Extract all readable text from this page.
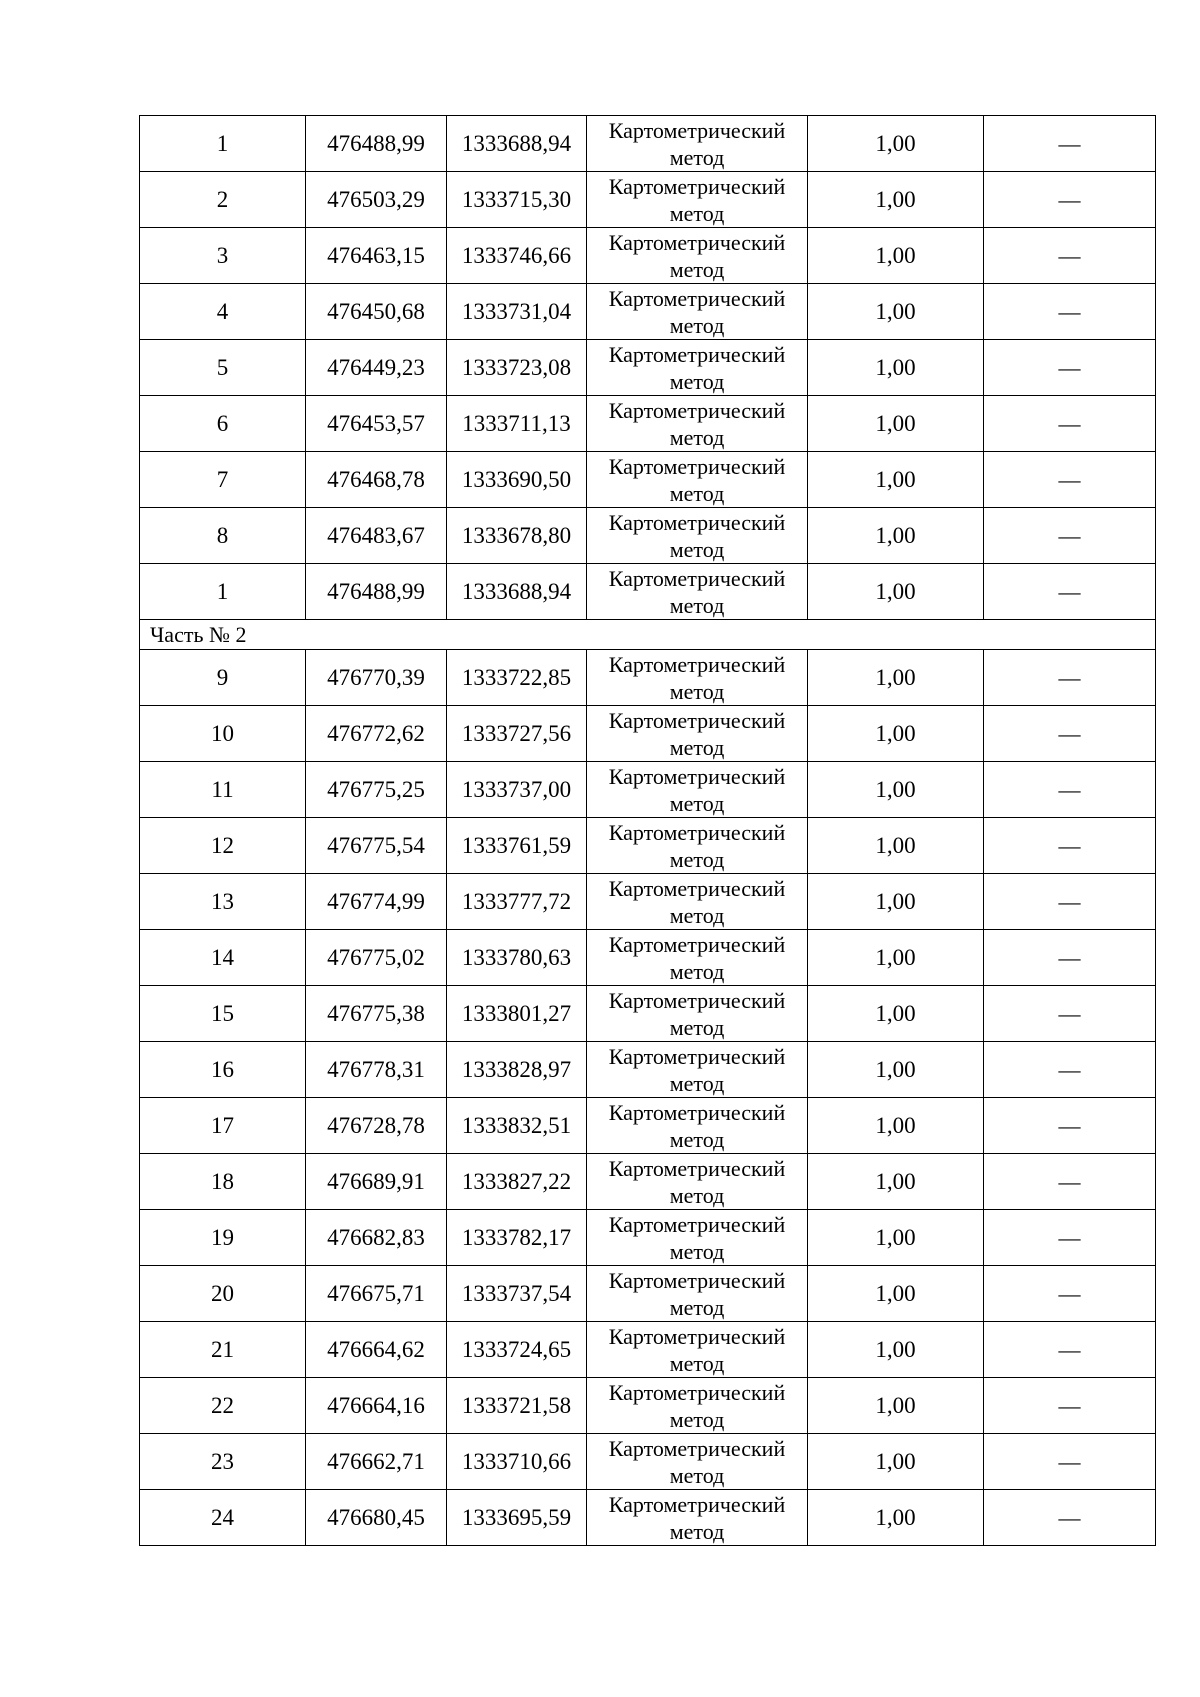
1	476488,99	1333688,94	Картометрический метод	1,00	—
2	476503,29	1333715,30	Картометрический метод	1,00	—
3	476463,15	1333746,66	Картометрический метод	1,00	—
4	476450,68	1333731,04	Картометрический метод	1,00	—
5	476449,23	1333723,08	Картометрический метод	1,00	—
6	476453,57	1333711,13	Картометрический метод	1,00	—
7	476468,78	1333690,50	Картометрический метод	1,00	—
8	476483,67	1333678,80	Картометрический метод	1,00	—
1	476488,99	1333688,94	Картометрический метод	1,00	—
Часть № 2					
9	476770,39	1333722,85	Картометрический метод	1,00	—
10	476772,62	1333727,56	Картометрический метод	1,00	—
11	476775,25	1333737,00	Картометрический метод	1,00	—
12	476775,54	1333761,59	Картометрический метод	1,00	—
13	476774,99	1333777,72	Картометрический метод	1,00	—
14	476775,02	1333780,63	Картометрический метод	1,00	—
15	476775,38	1333801,27	Картометрический метод	1,00	—
16	476778,31	1333828,97	Картометрический метод	1,00	—
17	476728,78	1333832,51	Картометрический метод	1,00	—
18	476689,91	1333827,22	Картометрический метод	1,00	—
19	476682,83	1333782,17	Картометрический метод	1,00	—
20	476675,71	1333737,54	Картометрический метод	1,00	—
21	476664,62	1333724,65	Картометрический метод	1,00	—
22	476664,16	1333721,58	Картометрический метод	1,00	—
23	476662,71	1333710,66	Картометрический метод	1,00	—
24	476680,45	1333695,59	Картометрический метод	1,00	—
